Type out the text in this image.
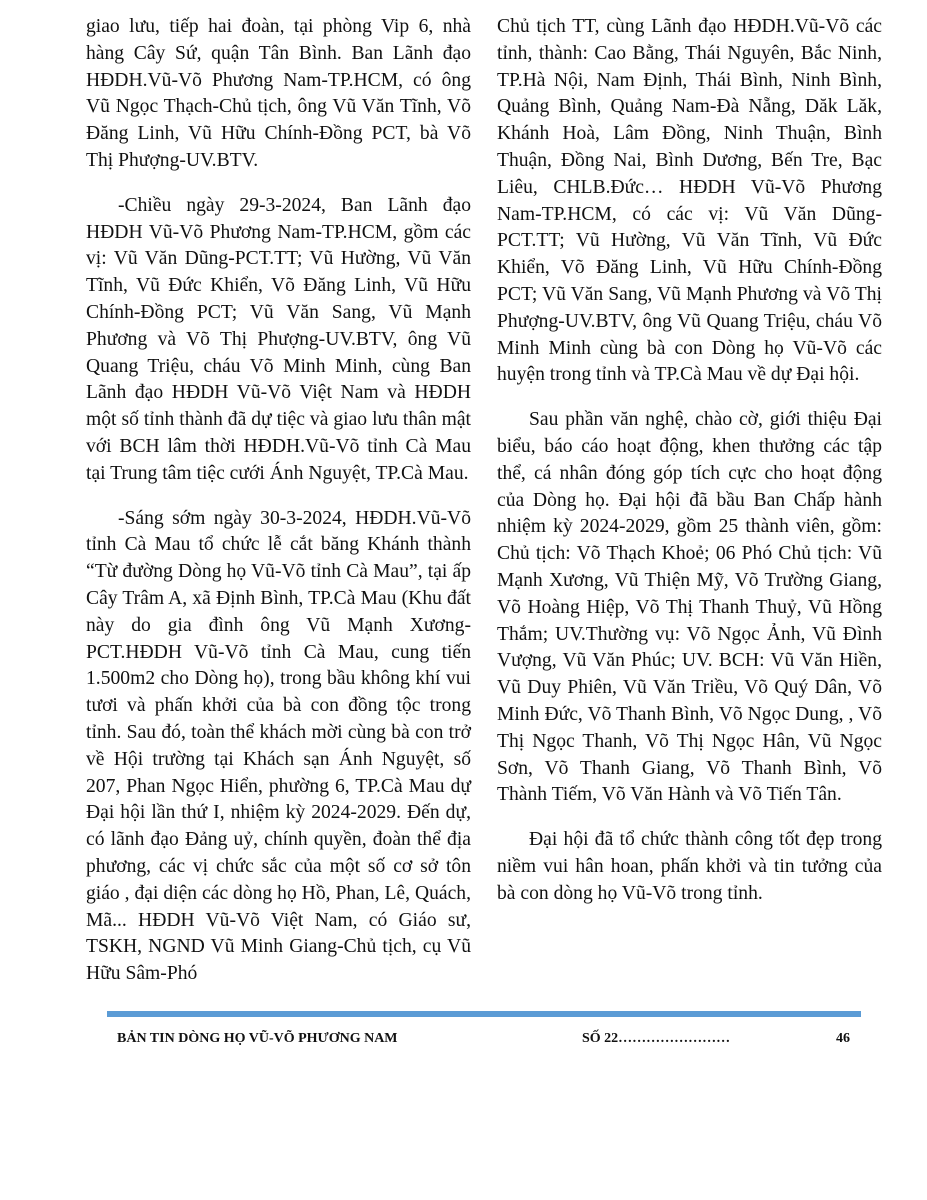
giao lưu, tiếp hai đoàn, tại phòng Vip 6, nhà hàng Cây Sứ, quận Tân Bình. Ban Lãnh đạo HĐDH.Vũ-Võ Phương Nam-TP.HCM, có ông Vũ Ngọc Thạch-Chủ tịch, ông Vũ Văn Tĩnh, Võ Đăng Linh, Vũ Hữu Chính-Đồng PCT, bà Võ Thị Phượng-UV.BTV.

-Chiều ngày 29-3-2024, Ban Lãnh đạo HĐDH Vũ-Võ Phương Nam-TP.HCM, gồm các vị: Vũ Văn Dũng-PCT.TT; Vũ Hường, Vũ Văn Tĩnh, Vũ Đức Khiển, Võ Đăng Linh, Vũ Hữu Chính-Đồng PCT; Vũ Văn Sang, Vũ Mạnh Phương và Võ Thị Phượng-UV.BTV, ông Vũ Quang Triệu, cháu Võ Minh Minh, cùng Ban Lãnh đạo HĐDH Vũ-Võ Việt Nam và HĐDH một số tỉnh thành đã dự tiệc và giao lưu thân mật với BCH lâm thời HĐDH.Vũ-Võ tỉnh Cà Mau tại Trung tâm tiệc cưới Ánh Nguyệt, TP.Cà Mau.

-Sáng sớm ngày 30-3-2024, HĐDH.Vũ-Võ tỉnh Cà Mau tổ chức lễ cắt băng Khánh thành “Từ đường Dòng họ Vũ-Võ tỉnh Cà Mau”, tại ấp Cây Trâm A, xã Định Bình, TP.Cà Mau (Khu đất này do gia đình ông Vũ Mạnh Xương-PCT.HĐDH Vũ-Võ tỉnh Cà Mau, cung tiến 1.500m2 cho Dòng họ), trong bầu không khí vui tươi và phấn khởi của bà con đồng tộc trong tỉnh. Sau đó, toàn thể khách mời cùng bà con trở về Hội trường tại Khách sạn Ánh Nguyệt, số 207, Phan Ngọc Hiển, phường 6, TP.Cà Mau dự Đại hội lần thứ I, nhiệm kỳ 2024-2029. Đến dự, có lãnh đạo Đảng uỷ, chính quyền, đoàn thể địa phương, các vị chức sắc của một số cơ sở tôn giáo , đại diện các dòng họ Hồ, Phan, Lê, Quách, Mã... HĐDH Vũ-Võ Việt Nam, có Giáo sư, TSKH, NGND Vũ Minh Giang-Chủ tịch, cụ Vũ Hữu Sâm-Phó

Chủ tịch TT, cùng Lãnh đạo HĐDH.Vũ-Võ các tỉnh, thành: Cao Bằng, Thái Nguyên, Bắc Ninh, TP.Hà Nội, Nam Định, Thái Bình, Ninh Bình, Quảng Bình, Quảng Nam-Đà Nẵng, Dăk Lăk, Khánh Hoà, Lâm Đồng, Ninh Thuận, Bình Thuận, Đồng Nai, Bình Dương, Bến Tre, Bạc Liêu, CHLB.Đức… HĐDH Vũ-Võ Phương Nam-TP.HCM, có các vị: Vũ Văn Dũng-PCT.TT; Vũ Hường, Vũ Văn Tĩnh, Vũ Đức Khiển, Võ Đăng Linh, Vũ Hữu Chính-Đồng PCT; Vũ Văn Sang, Vũ Mạnh Phương và Võ Thị Phượng-UV.BTV, ông Vũ Quang Triệu, cháu Võ Minh Minh cùng bà con Dòng họ Vũ-Võ các huyện trong tỉnh và TP.Cà Mau về dự Đại hội.

Sau phần văn nghệ, chào cờ, giới thiệu Đại biểu, báo cáo hoạt động, khen thưởng các tập thể, cá nhân đóng góp tích cực cho hoạt động của Dòng họ. Đại hội đã bầu Ban Chấp hành nhiệm kỳ 2024-2029, gồm 25 thành viên, gồm: Chủ tịch: Võ Thạch Khoẻ; 06 Phó Chủ tịch: Vũ Mạnh Xương, Vũ Thiện Mỹ, Võ Trường Giang, Võ Hoàng Hiệp, Võ Thị Thanh Thuỷ, Vũ Hồng Thắm; UV.Thường vụ: Võ Ngọc Ảnh, Vũ Đình Vượng, Vũ Văn Phúc; UV. BCH: Vũ Văn Hiền, Vũ Duy Phiên, Vũ Văn Triều, Võ Quý Dân, Võ Minh Đức, Võ Thanh Bình, Võ Ngọc Dung, , Võ Thị Ngọc Thanh, Võ Thị Ngọc Hân, Vũ Ngọc Sơn, Võ Thanh Giang, Võ Thanh Bình, Võ Thành Tiếm, Võ Văn Hành và Võ Tiến Tân.

Đại hội đã tổ chức thành công tốt đẹp trong niềm vui hân hoan, phấn khởi và tin tưởng của bà con dòng họ Vũ-Võ trong tỉnh.

BẢN TIN DÒNG HỌ VŨ-VÕ PHƯƠNG NAM	SỐ 22……………………	46
